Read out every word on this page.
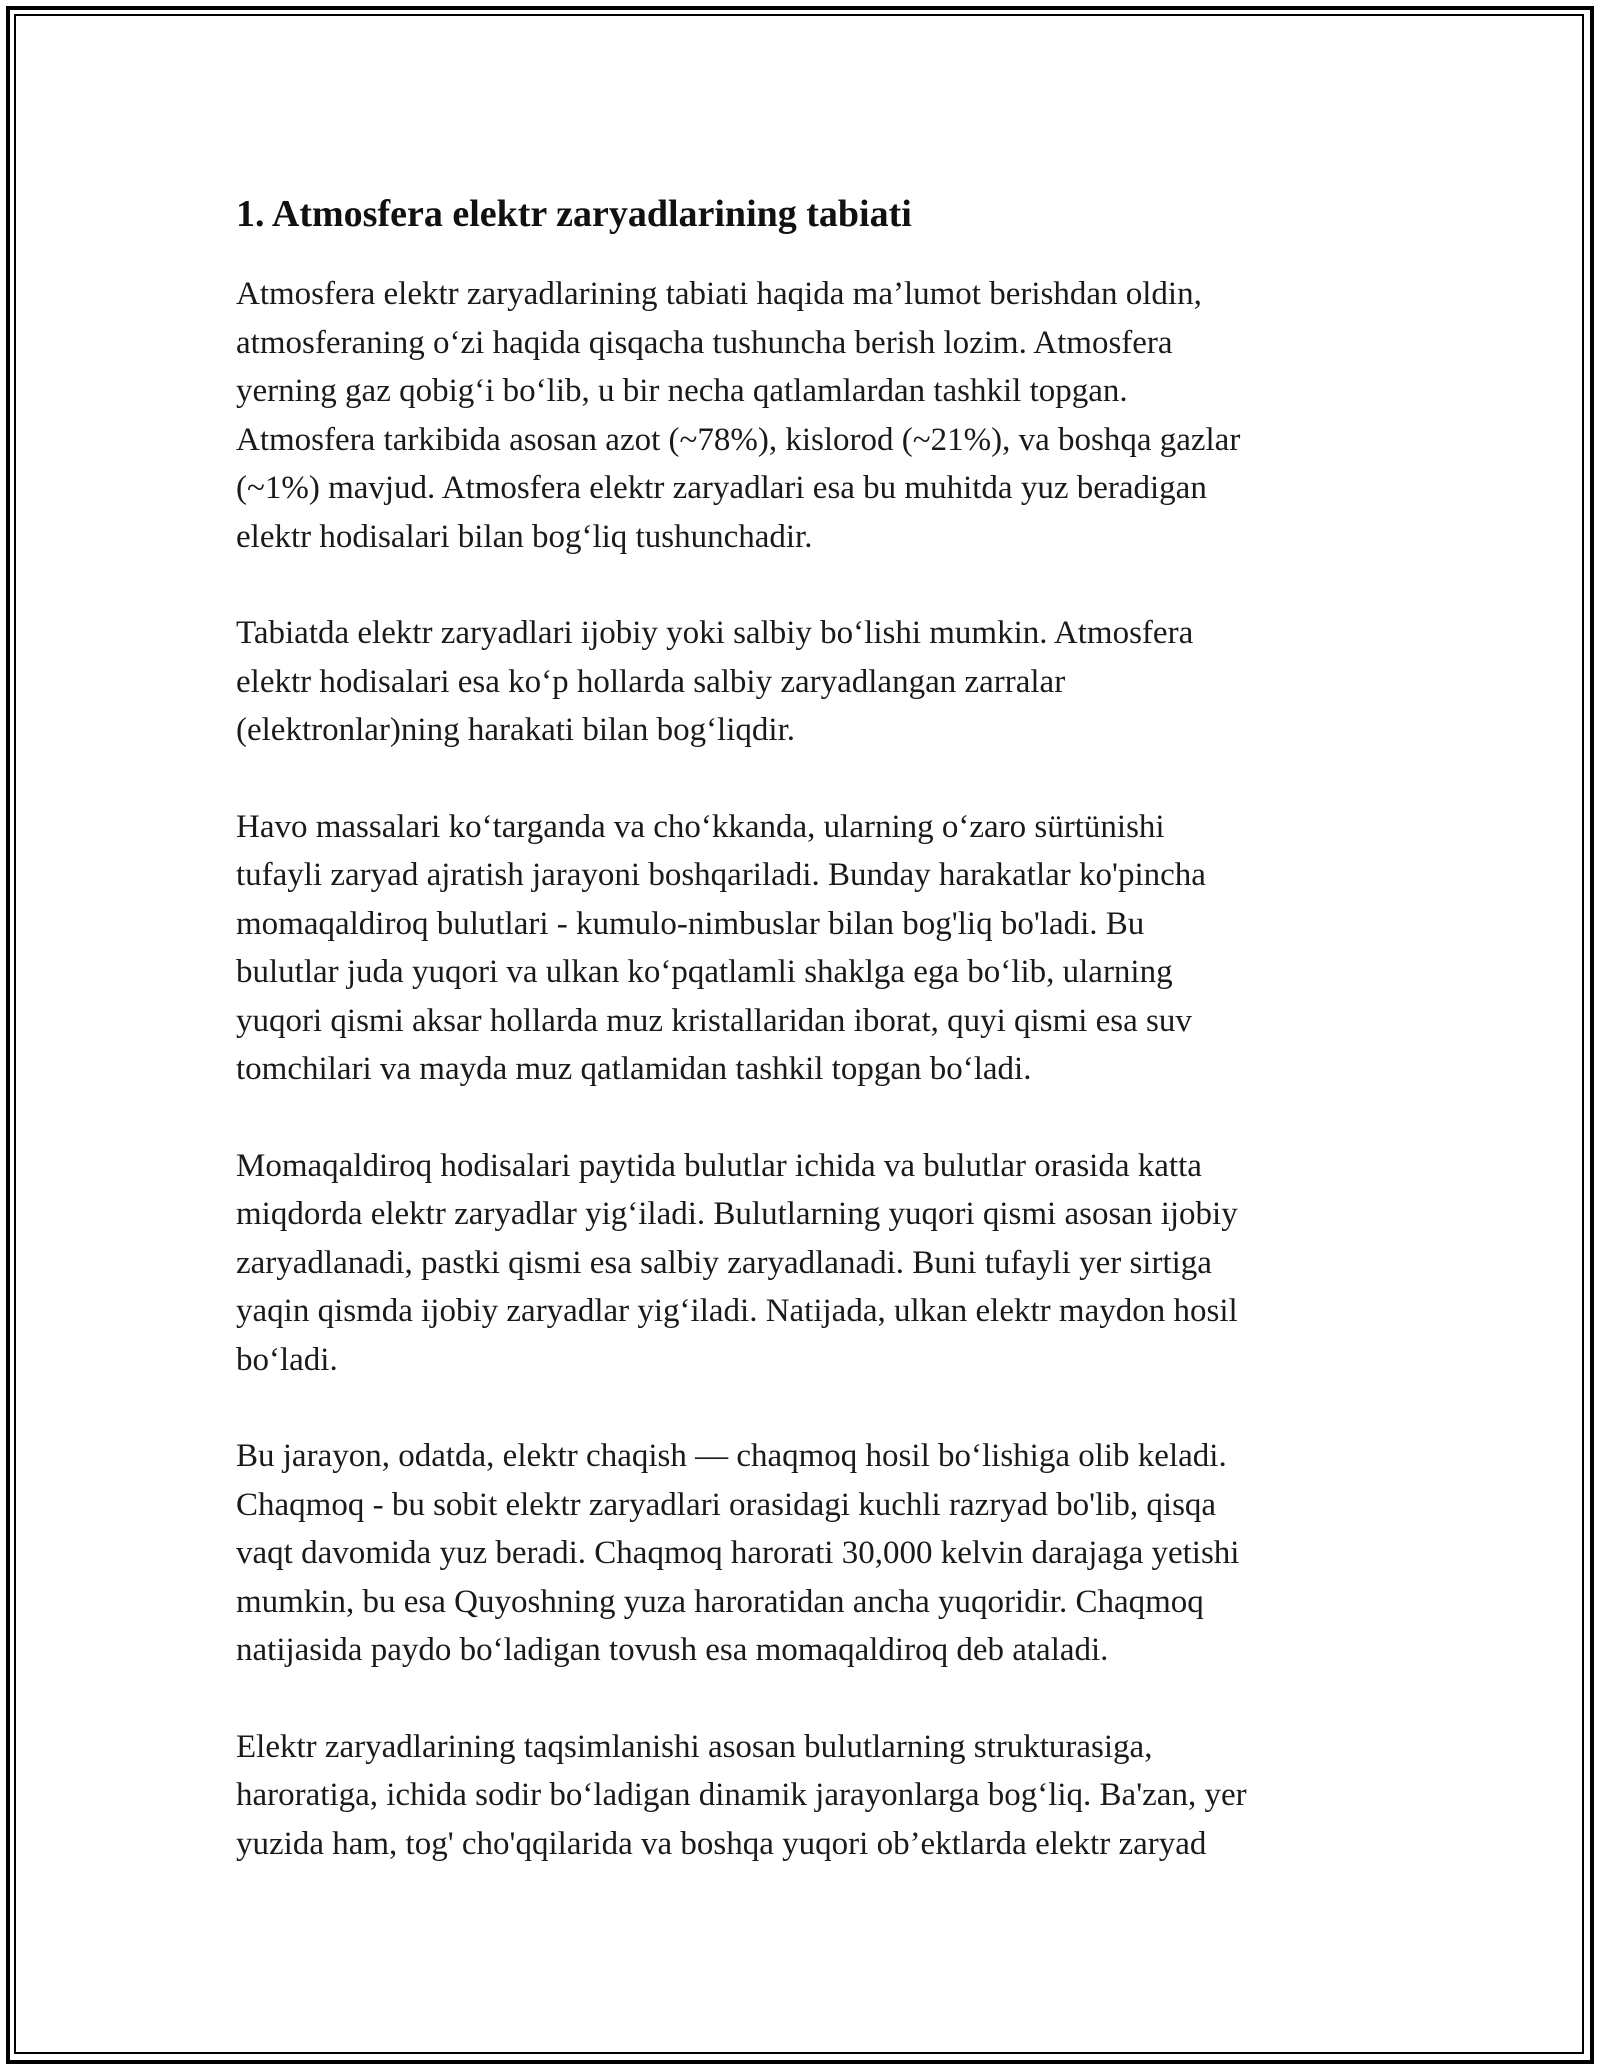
1. Atmosfera elektr zaryadlarining tabiati

Atmosfera elektr zaryadlarining tabiati haqida ma’lumot berishdan oldin,
atmosferaning o‘zi haqida qisqacha tushuncha berish lozim. Atmosfera
yerning gaz qobig‘i bo‘lib, u bir necha qatlamlardan tashkil topgan.
Atmosfera tarkibida asosan azot (~78%), kislorod (~21%), va boshqa gazlar
(~1%) mavjud. Atmosfera elektr zaryadlari esa bu muhitda yuz beradigan
elektr hodisalari bilan bog‘liq tushunchadir.

Tabiatda elektr zaryadlari ijobiy yoki salbiy bo‘lishi mumkin. Atmosfera
elektr hodisalari esa ko‘p hollarda salbiy zaryadlangan zarralar
(elektronlar)ning harakati bilan bog‘liqdir.

Havo massalari ko‘targanda va cho‘kkanda, ularning o‘zaro sürtünishi
tufayli zaryad ajratish jarayoni boshqariladi. Bunday harakatlar ko'pincha
momaqaldiroq bulutlari - kumulo-nimbuslar bilan bog'liq bo'ladi. Bu
bulutlar juda yuqori va ulkan ko‘pqatlamli shaklga ega bo‘lib, ularning
yuqori qismi aksar hollarda muz kristallaridan iborat, quyi qismi esa suv
tomchilari va mayda muz qatlamidan tashkil topgan bo‘ladi.

Momaqaldiroq hodisalari paytida bulutlar ichida va bulutlar orasida katta
miqdorda elektr zaryadlar yig‘iladi. Bulutlarning yuqori qismi asosan ijobiy
zaryadlanadi, pastki qismi esa salbiy zaryadlanadi. Buni tufayli yer sirtiga
yaqin qismda ijobiy zaryadlar yig‘iladi. Natijada, ulkan elektr maydon hosil
bo‘ladi.

Bu jarayon, odatda, elektr chaqish — chaqmoq hosil bo‘lishiga olib keladi.
Chaqmoq - bu sobit elektr zaryadlari orasidagi kuchli razryad bo'lib, qisqa
vaqt davomida yuz beradi. Chaqmoq harorati 30,000 kelvin darajaga yetishi
mumkin, bu esa Quyoshning yuza haroratidan ancha yuqoridir. Chaqmoq
natijasida paydo bo‘ladigan tovush esa momaqaldiroq deb ataladi.

Elektr zaryadlarining taqsimlanishi asosan bulutlarning strukturasiga,
haroratiga, ichida sodir bo‘ladigan dinamik jarayonlarga bog‘liq. Ba'zan, yer
yuzida ham, tog' cho'qqilarida va boshqa yuqori ob’ektlarda elektr zaryad
